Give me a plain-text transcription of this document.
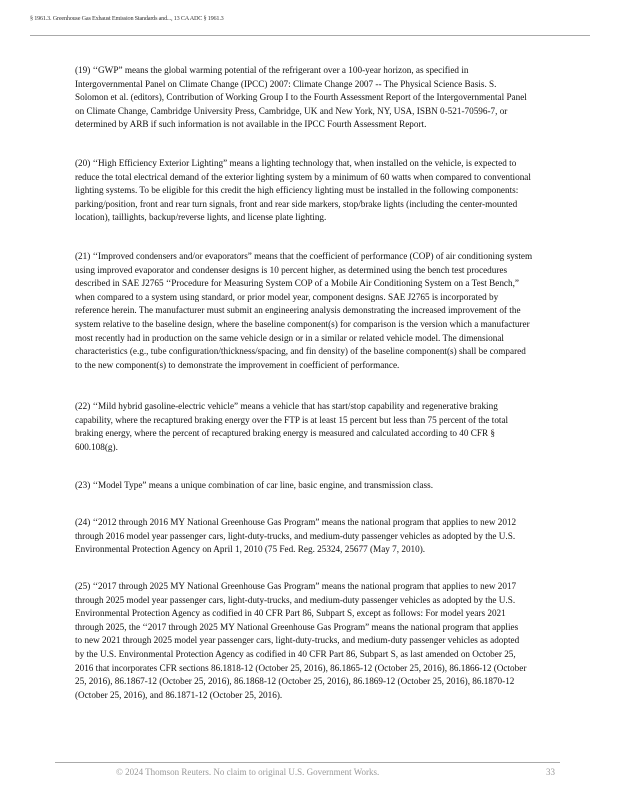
§ 1961.3. Greenhouse Gas Exhaust Emission Standards and..., 13 CA ADC § 1961.3
(19) ‘‘GWP” means the global warming potential of the refrigerant over a 100-year horizon, as specified in
Intergovernmental Panel on Climate Change (IPCC) 2007: Climate Change 2007 -- The Physical Science Basis. S.
Solomon et al. (editors), Contribution of Working Group I to the Fourth Assessment Report of the Intergovernmental Panel
on Climate Change, Cambridge University Press, Cambridge, UK and New York, NY, USA, ISBN 0-521-70596-7, or
determined by ARB if such information is not available in the IPCC Fourth Assessment Report.
(20) ‘‘High Efficiency Exterior Lighting” means a lighting technology that, when installed on the vehicle, is expected to
reduce the total electrical demand of the exterior lighting system by a minimum of 60 watts when compared to conventional
lighting systems. To be eligible for this credit the high efficiency lighting must be installed in the following components:
parking/position, front and rear turn signals, front and rear side markers, stop/brake lights (including the center-mounted
location), taillights, backup/reverse lights, and license plate lighting.
(21) ‘‘Improved condensers and/or evaporators” means that the coefficient of performance (COP) of air conditioning system
using improved evaporator and condenser designs is 10 percent higher, as determined using the bench test procedures
described in SAE J2765 ‘‘Procedure for Measuring System COP of a Mobile Air Conditioning System on a Test Bench,”
when compared to a system using standard, or prior model year, component designs. SAE J2765 is incorporated by
reference herein. The manufacturer must submit an engineering analysis demonstrating the increased improvement of the
system relative to the baseline design, where the baseline component(s) for comparison is the version which a manufacturer
most recently had in production on the same vehicle design or in a similar or related vehicle model. The dimensional
characteristics (e.g., tube configuration/thickness/spacing, and fin density) of the baseline component(s) shall be compared
to the new component(s) to demonstrate the improvement in coefficient of performance.
(22) ‘‘Mild hybrid gasoline-electric vehicle” means a vehicle that has start/stop capability and regenerative braking
capability, where the recaptured braking energy over the FTP is at least 15 percent but less than 75 percent of the total
braking energy, where the percent of recaptured braking energy is measured and calculated according to 40 CFR §
600.108(g).
(23) ‘‘Model Type” means a unique combination of car line, basic engine, and transmission class.
(24) ‘‘2012 through 2016 MY National Greenhouse Gas Program” means the national program that applies to new 2012
through 2016 model year passenger cars, light-duty-trucks, and medium-duty passenger vehicles as adopted by the U.S.
Environmental Protection Agency on April 1, 2010 (75 Fed. Reg. 25324, 25677 (May 7, 2010).
(25) ‘‘2017 through 2025 MY National Greenhouse Gas Program” means the national program that applies to new 2017
through 2025 model year passenger cars, light-duty-trucks, and medium-duty passenger vehicles as adopted by the U.S.
Environmental Protection Agency as codified in 40 CFR Part 86, Subpart S, except as follows: For model years 2021
through 2025, the ‘‘2017 through 2025 MY National Greenhouse Gas Program” means the national program that applies
to new 2021 through 2025 model year passenger cars, light-duty-trucks, and medium-duty passenger vehicles as adopted
by the U.S. Environmental Protection Agency as codified in 40 CFR Part 86, Subpart S, as last amended on October 25,
2016 that incorporates CFR sections 86.1818-12 (October 25, 2016), 86.1865-12 (October 25, 2016), 86.1866-12 (October
25, 2016), 86.1867-12 (October 25, 2016), 86.1868-12 (October 25, 2016), 86.1869-12 (October 25, 2016), 86.1870-12
(October 25, 2016), and 86.1871-12 (October 25, 2016).
© 2024 Thomson Reuters. No claim to original U.S. Government Works.	33
